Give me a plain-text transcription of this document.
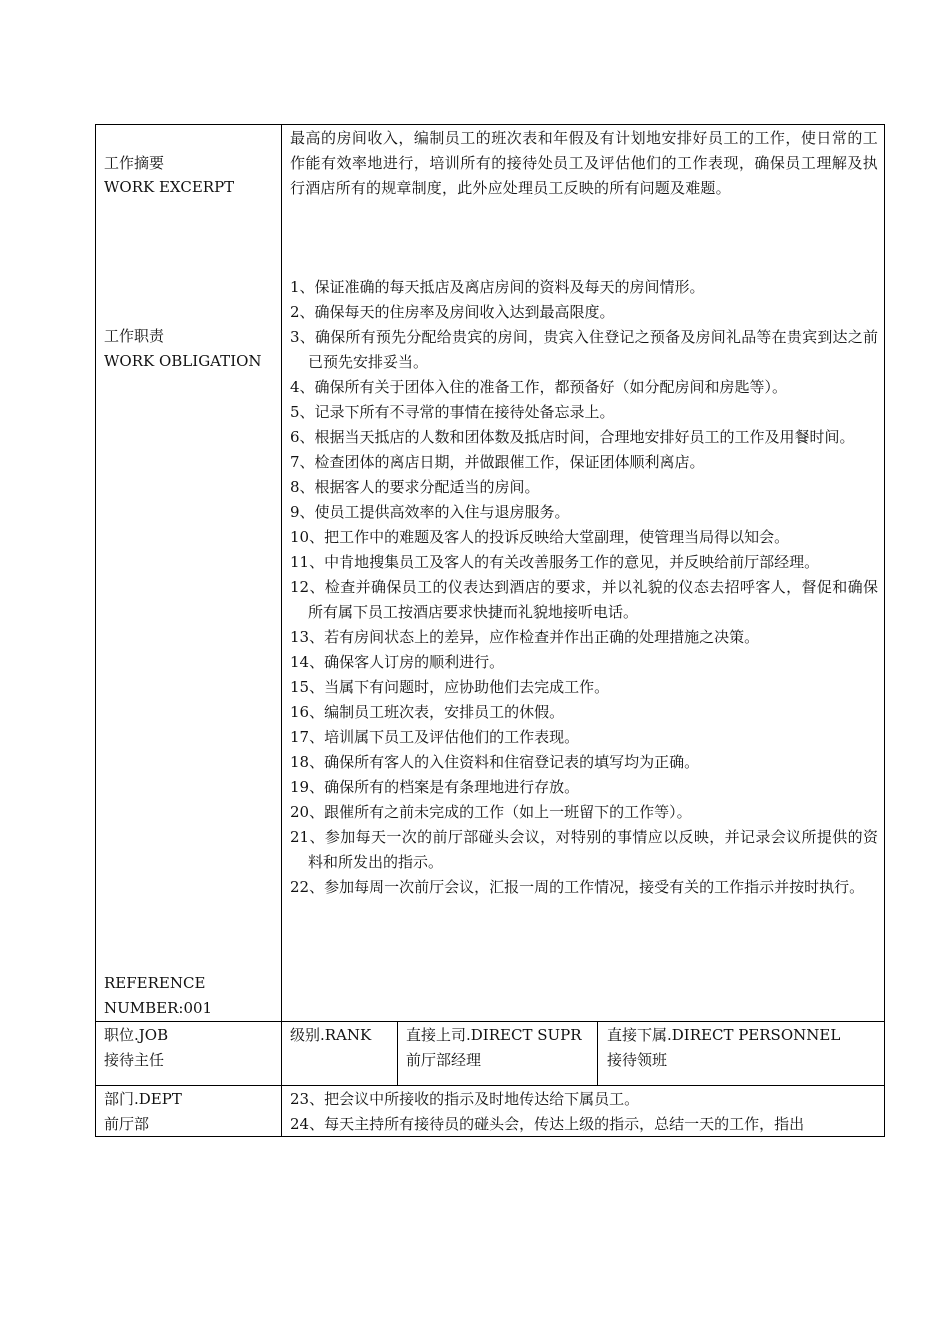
工作摘要
WORK EXCERPT
工作职责
WORK OBLIGATION
REFERENCE
NUMBER:001
最高的房间收入，编制员工的班次表和年假及有计划地安排好员工的工作，使日常的工作能有效率地进行，培训所有的接待处员工及评估他们的工作表现，确保员工理解及执行酒店所有的规章制度，此外应处理员工反映的所有问题及难题。
1、保证准确的每天抵店及离店房间的资料及每天的房间情形。
2、确保每天的住房率及房间收入达到最高限度。
3、确保所有预先分配给贵宾的房间，贵宾入住登记之预备及房间礼品等在贵宾到达之前已预先安排妥当。
4、确保所有关于团体入住的准备工作，都预备好（如分配房间和房匙等）。
5、记录下所有不寻常的事情在接待处备忘录上。
6、根据当天抵店的人数和团体数及抵店时间，合理地安排好员工的工作及用餐时间。
7、检查团体的离店日期，并做跟催工作，保证团体顺利离店。
8、根据客人的要求分配适当的房间。
9、使员工提供高效率的入住与退房服务。
10、把工作中的难题及客人的投诉反映给大堂副理，使管理当局得以知会。
11、中肯地搜集员工及客人的有关改善服务工作的意见，并反映给前厅部经理。
12、检查并确保员工的仪表达到酒店的要求，并以礼貌的仪态去招呼客人，督促和确保所有属下员工按酒店要求快捷而礼貌地接听电话。
13、若有房间状态上的差异，应作检查并作出正确的处理措施之决策。
14、确保客人订房的顺利进行。
15、当属下有问题时，应协助他们去完成工作。
16、编制员工班次表，安排员工的休假。
17、培训属下员工及评估他们的工作表现。
18、确保所有客人的入住资料和住宿登记表的填写均为正确。
19、确保所有的档案是有条理地进行存放。
20、跟催所有之前未完成的工作（如上一班留下的工作等）。
21、参加每天一次的前厅部碰头会议，对特别的事情应以反映，并记录会议所提供的资料和所发出的指示。
22、参加每周一次前厅会议，汇报一周的工作情况，接受有关的工作指示并按时执行。
职位.JOB
接待主任
级别.RANK 直接上司.DIRECT SUPR
前厅部经理
直接下属.DIRECT PERSONNEL
接待领班
部门.DEPT
前厅部
23、把会议中所接收的指示及时地传达给下属员工。
24、每天主持所有接待员的碰头会，传达上级的指示，总结一天的工作，指出
